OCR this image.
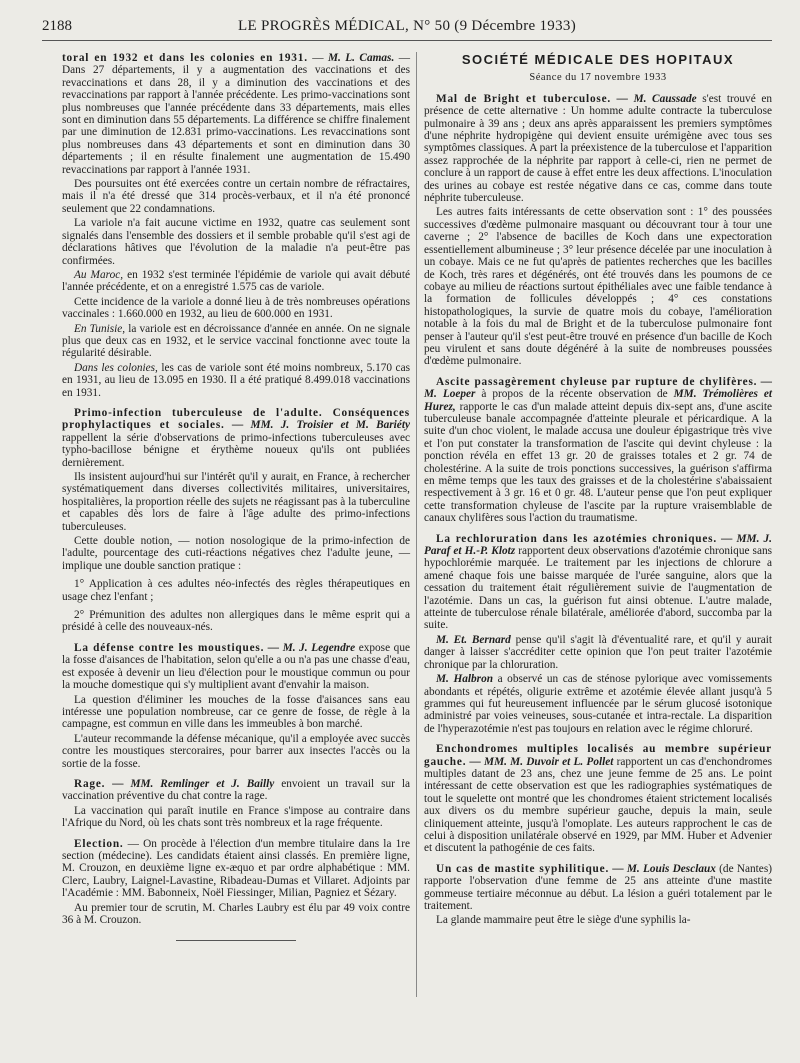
2188	LE PROGRÈS MÉDICAL, N° 50 (9 Décembre 1933)

toral en 1932 et dans les colonies en 1931. — M. L. Camas. — Dans 27 départements, il y a augmentation des vaccinations et des revaccinations et dans 28, il y a diminution des vaccinations et des revaccinations par rapport à l'année précédente. Les primo-vaccinations sont plus nombreuses que l'année précédente dans 33 départements, mais elles sont en diminution dans 55 départements. La différence se chiffre finalement par une diminution de 12.831 primo-vaccinations. Les revaccinations sont plus nombreuses dans 43 départements et sont en diminution dans 30 départements ; il en résulte finalement une augmentation de 15.490 revaccinations par rapport à l'année 1931.

Des poursuites ont été exercées contre un certain nombre de réfractaires, mais il n'a été dressé que 314 procès-verbaux, et il n'a été prononcé seulement que 22 condamnations.

La variole n'a fait aucune victime en 1932, quatre cas seulement sont signalés dans l'ensemble des dossiers et il semble probable qu'il s'est agi de déclarations hâtives que l'évolution de la maladie n'a peut-être pas confirmées.

Au Maroc, en 1932 s'est terminée l'épidémie de variole qui avait débuté l'année précédente, et on a enregistré 1.575 cas de variole.

Cette incidence de la variole a donné lieu à de très nombreuses opérations vaccinales : 1.660.000 en 1932, au lieu de 600.000 en 1931.

En Tunisie, la variole est en décroissance d'année en année. On ne signale plus que deux cas en 1932, et le service vaccinal fonctionne avec toute la régularité désirable.

Dans les colonies, les cas de variole sont été moins nombreux, 5.170 cas en 1931, au lieu de 13.095 en 1930. Il a été pratiqué 8.499.018 vaccinations en 1931.

Primo-infection tuberculeuse de l'adulte. Conséquences prophylactiques et sociales. — MM. J. Troisier et M. Bariéty rappellent la série d'observations de primo-infections tuberculeuses avec typho-bacillose bénigne et érythème noueux qu'ils ont publiées dernièrement.

Ils insistent aujourd'hui sur l'intérêt qu'il y aurait, en France, à rechercher systématiquement dans diverses collectivités militaires, universitaires, hospitalières, la proportion réelle des sujets ne réagissant pas à la tuberculine et capables dès lors de faire à l'âge adulte des primo-infections tuberculeuses.

Cette double notion, — notion nosologique de la primo-infection de l'adulte, pourcentage des cuti-réactions négatives chez l'adulte jeune, — implique une double sanction pratique :

1° Application à ces adultes néo-infectés des règles thérapeutiques en usage chez l'enfant ;

2° Prémunition des adultes non allergiques dans le même esprit qui a présidé à celle des nouveaux-nés.

La défense contre les moustiques. — M. J. Legendre expose que la fosse d'aisances de l'habitation, selon qu'elle a ou n'a pas une chasse d'eau, est exposée à devenir un lieu d'élection pour le moustique commun ou pour la mouche domestique qui s'y multiplient avant d'envahir la maison.

La question d'éliminer les mouches de la fosse d'aisances sans eau intéresse une population nombreuse, car ce genre de fosse, de règle à la campagne, est commun en ville dans les immeubles à bon marché.

L'auteur recommande la défense mécanique, qu'il a employée avec succès contre les moustiques stercoraires, pour barrer aux insectes l'accès ou la sortie de la fosse.

Rage. — MM. Remlinger et J. Bailly envoient un travail sur la vaccination préventive du chat contre la rage.

La vaccination qui paraît inutile en France s'impose au contraire dans l'Afrique du Nord, où les chats sont très nombreux et la rage fréquente.

Election. — On procède à l'élection d'un membre titulaire dans la 1re section (médecine). Les candidats étaient ainsi classés. En première ligne, M. Crouzon, en deuxième ligne ex-æquo et par ordre alphabétique : MM. Clerc, Laubry, Laignel-Lavastine, Ribadeau-Dumas et Villaret. Adjoints par l'Académie : MM. Babonneix, Noël Fiessinger, Milian, Pagniez et Sézary.

Au premier tour de scrutin, M. Charles Laubry est élu par 49 voix contre 36 à M. Crouzon.

SOCIÉTÉ MÉDICALE DES HOPITAUX
Séance du 17 novembre 1933

Mal de Bright et tuberculose. — M. Caussade s'est trouvé en présence de cette alternative : Un homme adulte contracte la tuberculose pulmonaire à 39 ans ; deux ans après apparaissent les premiers symptômes d'une néphrite hydropigène qui devient ensuite urémigène avec tous ses symptômes classiques. A part la préexistence de la tuberculose et l'apparition assez rapprochée de la néphrite par rapport à celle-ci, rien ne permet de conclure à un rapport de cause à effet entre les deux affections. L'inoculation des urines au cobaye est restée négative dans ce cas, comme dans toute néphrite tuberculeuse.

Les autres faits intéressants de cette observation sont : 1° des poussées successives d'œdème pulmonaire masquant ou découvrant tour à tour une caverne ; 2° l'absence de bacilles de Koch dans une expectoration essentiellement albumineuse ; 3° leur présence décelée par une inoculation à un cobaye. Mais ce ne fut qu'après de patientes recherches que les bacilles de Koch, très rares et dégénérés, ont été trouvés dans les poumons de ce cobaye au milieu de réactions surtout épithéliales avec une faible tendance à la formation de follicules développés ; 4° ces constations histopathologiques, la survie de quatre mois du cobaye, l'amélioration notable à la fois du mal de Bright et de la tuberculose pulmonaire font penser à l'auteur qu'il s'est peut-être trouvé en présence d'un bacille de Koch peu virulent et sans doute dégénéré à la suite de nombreuses poussées d'œdème pulmonaire.

Ascite passagèrement chyleuse par rupture de chylifères. — M. Loeper à propos de la récente observation de MM. Trémolières et Hurez, rapporte le cas d'un malade atteint depuis dix-sept ans, d'une ascite tuberculeuse banale accompagnée d'atteinte pleurale et péricardique. A la suite d'un choc violent, le malade accusa une douleur épigastrique très vive et l'on put constater la transformation de l'ascite qui devint chyleuse : la ponction révéla en effet 13 gr. 20 de graisses totales et 2 gr. 74 de cholestérine. A la suite de trois ponctions successives, la guérison s'affirma en même temps que les taux des graisses et de la cholestérine s'abaissaient respectivement à 3 gr. 16 et 0 gr. 48. L'auteur pense que l'on peut expliquer cette transformation chyleuse de l'ascite par la rupture vraisemblable de canaux chylifères sous l'action du traumatisme.

La rechloruration dans les azotémies chroniques. — MM. J. Paraf et H.-P. Klotz rapportent deux observations d'azotémie chronique sans hypochlorémie marquée. Le traitement par les injections de chlorure a amené chaque fois une baisse marquée de l'urée sanguine, alors que la cessation du traitement était régulièrement suivie de l'augmentation de l'azotémie. Dans un cas, la guérison fut ainsi obtenue. L'autre malade, atteinte de tuberculose rénale bilatérale, améliorée d'abord, succomba par la suite.

M. Et. Bernard pense qu'il s'agit là d'éventualité rare, et qu'il y aurait danger à laisser s'accréditer cette opinion que l'on peut traiter l'azotémie chronique par la chloruration.

M. Halbron a observé un cas de sténose pylorique avec vomissements abondants et répétés, oligurie extrême et azotémie élevée allant jusqu'à 5 grammes qui fut heureusement influencée par le sérum glucosé isotonique administré par voies veineuses, sous-cutanée et intra-rectale. La disparition de l'hyperazotémie n'est pas toujours en relation avec le régime chloruré.

Enchondromes multiples localisés au membre supérieur gauche. — MM. M. Duvoir et L. Pollet rapportent un cas d'enchondromes multiples datant de 23 ans, chez une jeune femme de 25 ans. Le point intéressant de cette observation est que les radiographies systématiques de tout le squelette ont montré que les chondromes étaient strictement localisés aux divers os du membre supérieur gauche, depuis la main, seule cliniquement atteinte, jusqu'à l'omoplate. Les auteurs rapprochent le cas de celui à disposition unilatérale observé en 1929, par MM. Huber et Advenier et discutent la pathogénie de ces faits.

Un cas de mastite syphilitique. — M. Louis Desclaux (de Nantes) rapporte l'observation d'une femme de 25 ans atteinte d'une mastite gommeuse tertiaire méconnue au début. La lésion a guéri totalement par le traitement.

La glande mammaire peut être le siège d'une syphilis la-
